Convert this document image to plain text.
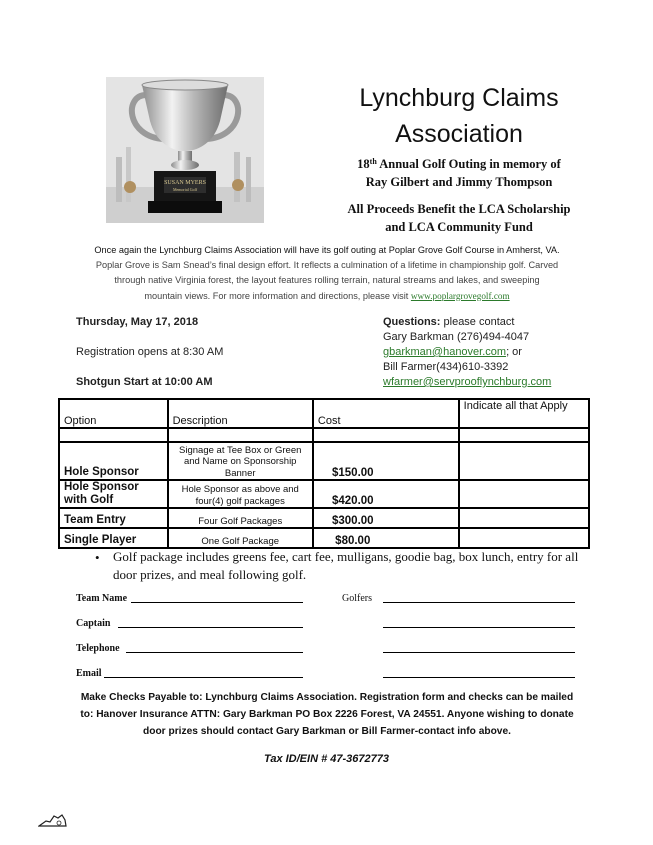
SUSAN MYERS
Memorial Golf
Lynchburg Claims
Association
18th Annual Golf Outing in memory of
Ray Gilbert and Jimmy Thompson
All Proceeds Benefit the LCA Scholarship
and LCA Community Fund
Once again the Lynchburg Claims Association will have its golf outing at Poplar Grove Golf Course in Amherst, VA.
Poplar Grove is Sam Snead’s final design effort. It reflects a culmination of a lifetime in championship golf. Carved
through native Virginia forest, the layout features rolling terrain, natural streams and lakes, and sweeping
mountain views. For more information and directions, please visit www.poplargrovegolf.com
Thursday, May 17, 2018
Registration opens at 8:30 AM
Shotgun Start at 10:00 AM
Questions: please contact
Gary Barkman (276)494-4047
gbarkman@hanover.com; or
Bill Farmer(434)610-3392
wfarmer@servprooflynchburg.com
Option	Description	Cost	Indicate all that Apply

Hole Sponsor	Signage at Tee Box or Green and Name on Sponsorship Banner	$150.00	
Hole Sponsor with Golf	Hole Sponsor as above and four(4) golf packages	$420.00	
Team Entry	Four Golf Packages	$300.00	
Single Player	One Golf Package	$80.00	
• Golf package includes greens fee, cart fee, mulligans, goodie bag, box lunch, entry for all door prizes, and meal following golf.
Team Name	Golfers
Captain
Telephone
Email
Make Checks Payable to: Lynchburg Claims Association. Registration form and checks can be mailed
to: Hanover Insurance ATTN: Gary Barkman PO Box 2226 Forest, VA 24551. Anyone wishing to donate
door prizes should contact Gary Barkman or Bill Farmer-contact info above.
Tax ID/EIN # 47-3672773
